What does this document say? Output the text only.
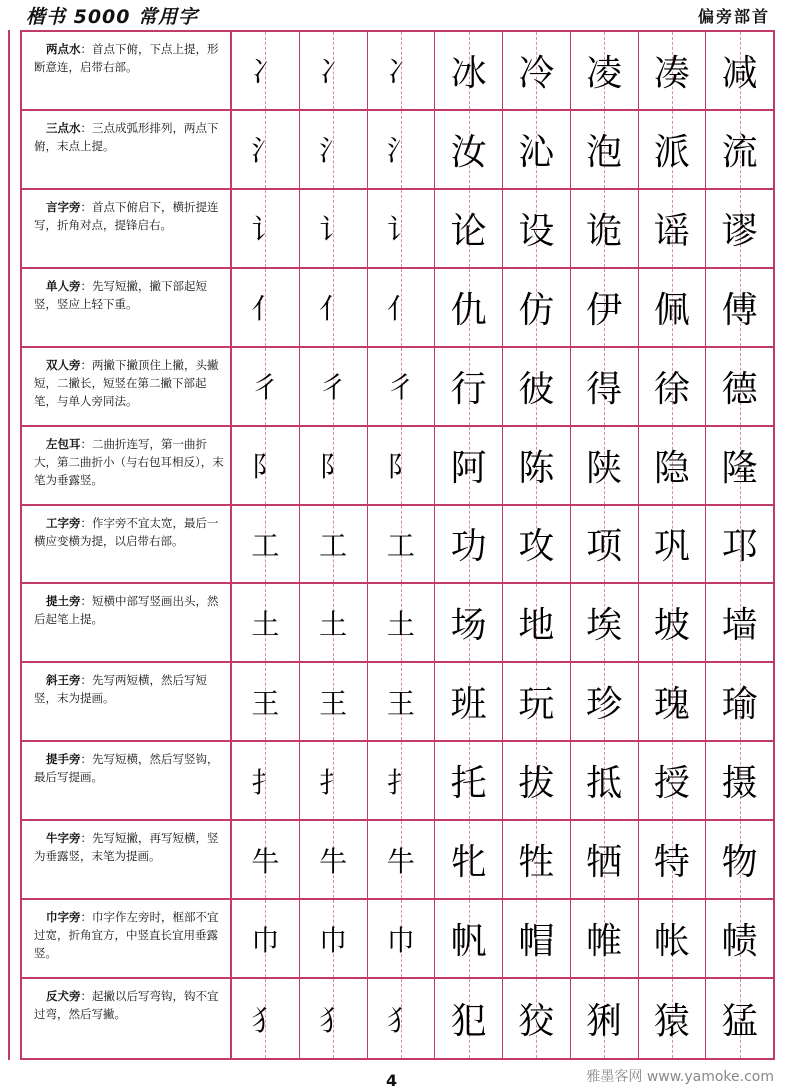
楷书 5000 常用字	偏旁部首
两点水：首点下俯，下点上提，形断意连，启带右部。	冫 冫 冫 冰 冷 凌 凑 减
三点水：三点成弧形排列，两点下俯，末点上提。	氵 氵 氵 汝 沁 泡 派 流
言字旁：首点下俯启下，横折提连写，折角对点，提锋启右。	讠 讠 讠 论 设 诡 谣 谬
单人旁：先写短撇，撇下部起短竖，竖应上轻下重。	亻 亻 亻 仇 仿 伊 佩 傅
双人旁：两撇下撇顶住上撇，头撇短，二撇长，短竖在第二撇下部起笔，与单人旁同法。	彳 彳 彳 行 彼 得 徐 德
左包耳：二曲折连写，第一曲折大，第二曲折小（与右包耳相反），末笔为垂露竖。	阝 阝 阝 阿 陈 陕 隐 隆
工字旁：作字旁不宜太宽，最后一横应变横为提，以启带右部。	工 工 工 功 攻 项 巩 邛
提土旁：短横中部写竖画出头，然后起笔上提。	土 土 土 场 地 埃 坡 墙
斜王旁：先写两短横，然后写短竖，末为提画。	王 王 王 班 玩 珍 瑰 瑜
提手旁：先写短横，然后写竖钩，最后写提画。	扌 扌 扌 托 拔 抵 授 摄
牛字旁：先写短撇，再写短横，竖为垂露竖，末笔为提画。	牛 牛 牛 牝 牲 牺 特 物
巾字旁：巾字作左旁时，框部不宜过宽，折角宜方，中竖直长宜用垂露竖。	巾 巾 巾 帆 帽 帷 帐 帻
反犬旁：起撇以后写弯钩，钩不宜过弯，然后写撇。	犭 犭 犭 犯 狡 猁 猿 猛
4	雅墨客网 www.yamoke.com
